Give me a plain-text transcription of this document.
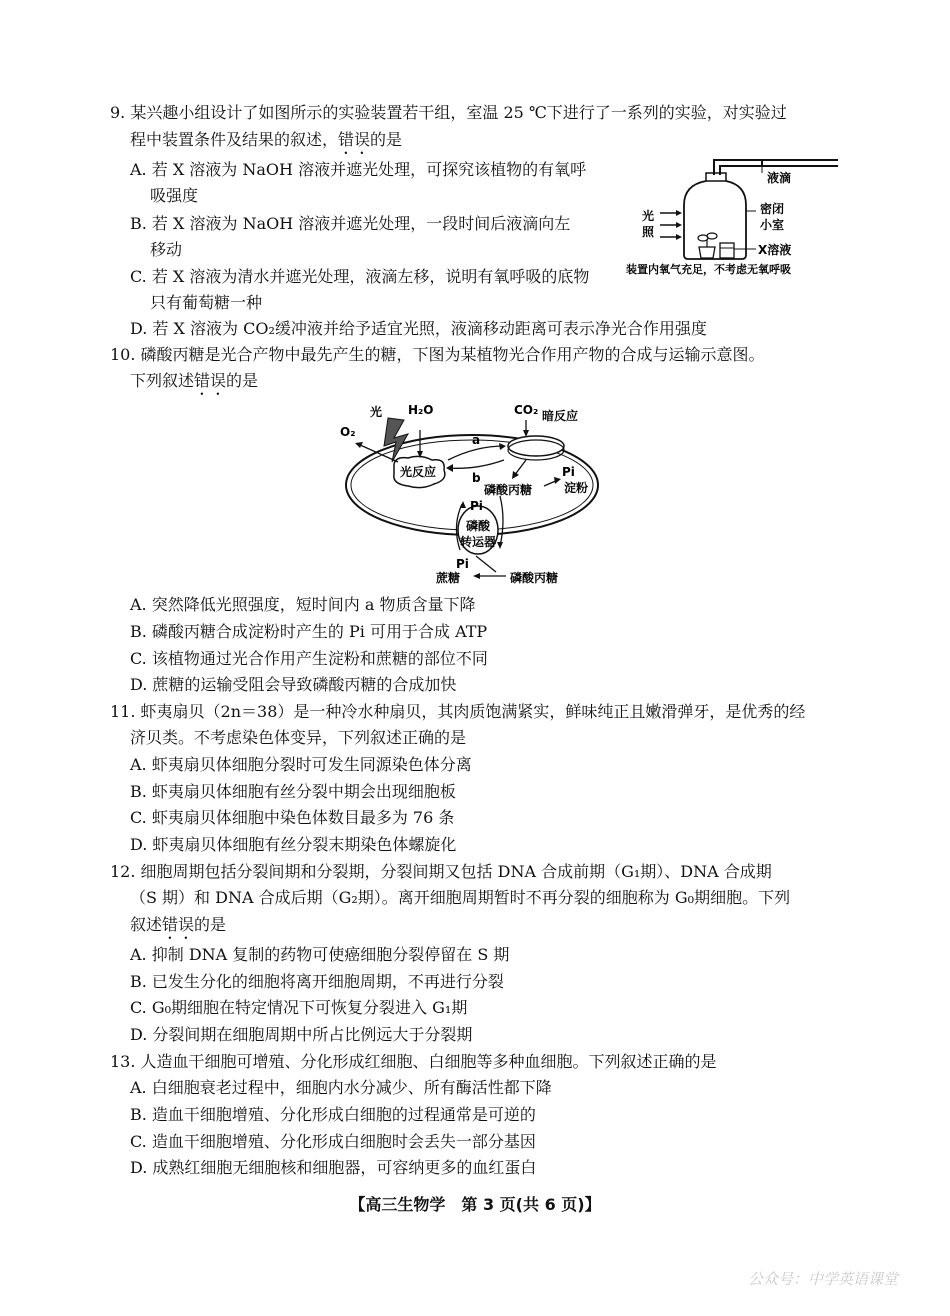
9. 某兴趣小组设计了如图所示的实验装置若干组，室温 25 ℃下进行了一系列的实验，对实验过
程中装置条件及结果的叙述，错误的是
A. 若 X 溶液为 NaOH 溶液并遮光处理，可探究该植物的有氧呼
吸强度
B. 若 X 溶液为 NaOH 溶液并遮光处理，一段时间后液滴向左
移动
C. 若 X 溶液为清水并遮光处理，液滴左移，说明有氧呼吸的底物
只有葡萄糖一种
D. 若 X 溶液为 CO₂缓冲液并给予适宜光照，液滴移动距离可表示净光合作用强度
液滴
密闭
小室
光
照
X溶液
装置内氧气充足，不考虑无氧呼吸
10. 磷酸丙糖是光合产物中最先产生的糖，下图为某植物光合作用产物的合成与运输示意图。
下列叙述错误的是
光 H₂O	CO₂ 暗反应
O₂
a
b
光反应	Pi
淀粉
磷酸丙糖
Pi
磷酸
转运器
Pi
蔗糖	磷酸丙糖
A. 突然降低光照强度，短时间内 a 物质含量下降
B. 磷酸丙糖合成淀粉时产生的 Pi 可用于合成 ATP
C. 该植物通过光合作用产生淀粉和蔗糖的部位不同
D. 蔗糖的运输受阻会导致磷酸丙糖的合成加快
11. 虾夷扇贝（2n＝38）是一种冷水种扇贝，其肉质饱满紧实，鲜味纯正且嫩滑弹牙，是优秀的经
济贝类。不考虑染色体变异，下列叙述正确的是
A. 虾夷扇贝体细胞分裂时可发生同源染色体分离
B. 虾夷扇贝体细胞有丝分裂中期会出现细胞板
C. 虾夷扇贝体细胞中染色体数目最多为 76 条
D. 虾夷扇贝体细胞有丝分裂末期染色体螺旋化
12. 细胞周期包括分裂间期和分裂期，分裂间期又包括 DNA 合成前期（G₁期）、DNA 合成期
（S 期）和 DNA 合成后期（G₂期）。离开细胞周期暂时不再分裂的细胞称为 G₀期细胞。下列
叙述错误的是
A. 抑制 DNA 复制的药物可使癌细胞分裂停留在 S 期
B. 已发生分化的细胞将离开细胞周期，不再进行分裂
C. G₀期细胞在特定情况下可恢复分裂进入 G₁期
D. 分裂间期在细胞周期中所占比例远大于分裂期
13. 人造血干细胞可增殖、分化形成红细胞、白细胞等多种血细胞。下列叙述正确的是
A. 白细胞衰老过程中，细胞内水分减少、所有酶活性都下降
B. 造血干细胞增殖、分化形成白细胞的过程通常是可逆的
C. 造血干细胞增殖、分化形成白细胞时会丢失一部分基因
D. 成熟红细胞无细胞核和细胞器，可容纳更多的血红蛋白
【高三生物学　第 3 页(共 6 页)】
公众号：中学英语课堂
